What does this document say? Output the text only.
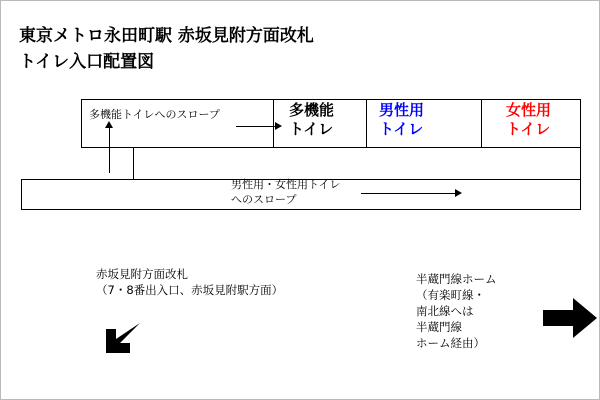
東京メトロ永田町駅 赤坂見附方面改札
トイレ入口配置図
多機能トイレへのスロープ	多機能
トイレ
男性用
トイレ
女性用
トイレ
男性用・女性用トイレ
へのスロープ
赤坂見附方面改札
（7・8番出入口、赤坂見附駅方面）
半蔵門線ホーム
（有楽町線・
南北線へは
半蔵門線
ホーム経由）
